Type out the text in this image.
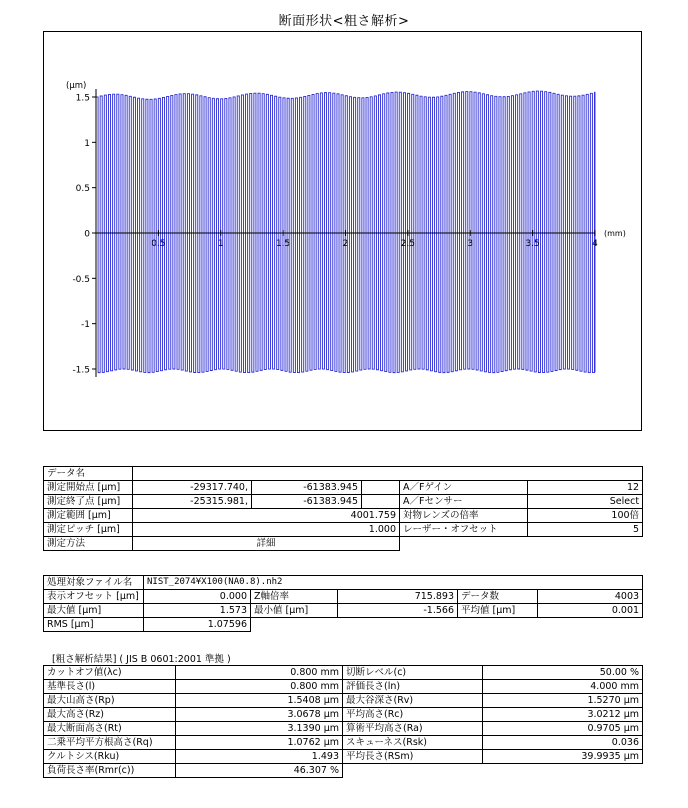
断面形状<粗さ解析>
1.5
1
0.5
0
-0.5
-1
-1.5
(μm)
0.5	1	1.5	2	2.5	3	3.5	4
(mm)
データ名					
測定開始点 [μm]	-29317.740,	-61383.945		A／Fゲイン	12
測定終了点 [μm]	-25315.981,	-61383.945		A／Fセンサー	Select
測定範囲 [μm]	4001.759			対物レンズの倍率	100倍
測定ピッチ [μm]	1.000			レーザー・オフセット	5
測定方法	詳細				
処理対象ファイル名	NIST_2074¥X100(NA0.8).nh2				
表示オフセット [μm]	0.000	Z軸倍率	715.893	データ数	4003
最大値 [μm]	1.573	最小値 [μm]	-1.566	平均値 [μm]	0.001
RMS [μm]	1.07596				
[粗さ解析結果] ( JIS B 0601:2001 準拠 )
カットオフ値(λc)	0.800 mm	切断レベル(c)	50.00 %
基準長さ(l)	0.800 mm	評価長さ(ln)	4.000 mm
最大山高さ(Rp)	1.5408 μm	最大谷深さ(Rv)	1.5270 μm
最大高さ(Rz)	3.0678 μm	平均高さ(Rc)	3.0212 μm
最大断面高さ(Rt)	3.1390 μm	算術平均高さ(Ra)	0.9705 μm
二乗平均平方根高さ(Rq)	1.0762 μm	スキューネス(Rsk)	0.036
クルトシス(Rku)	1.493	平均長さ(RSm)	39.9935 μm
負荷長さ率(Rmr(c))	46.307 %		
